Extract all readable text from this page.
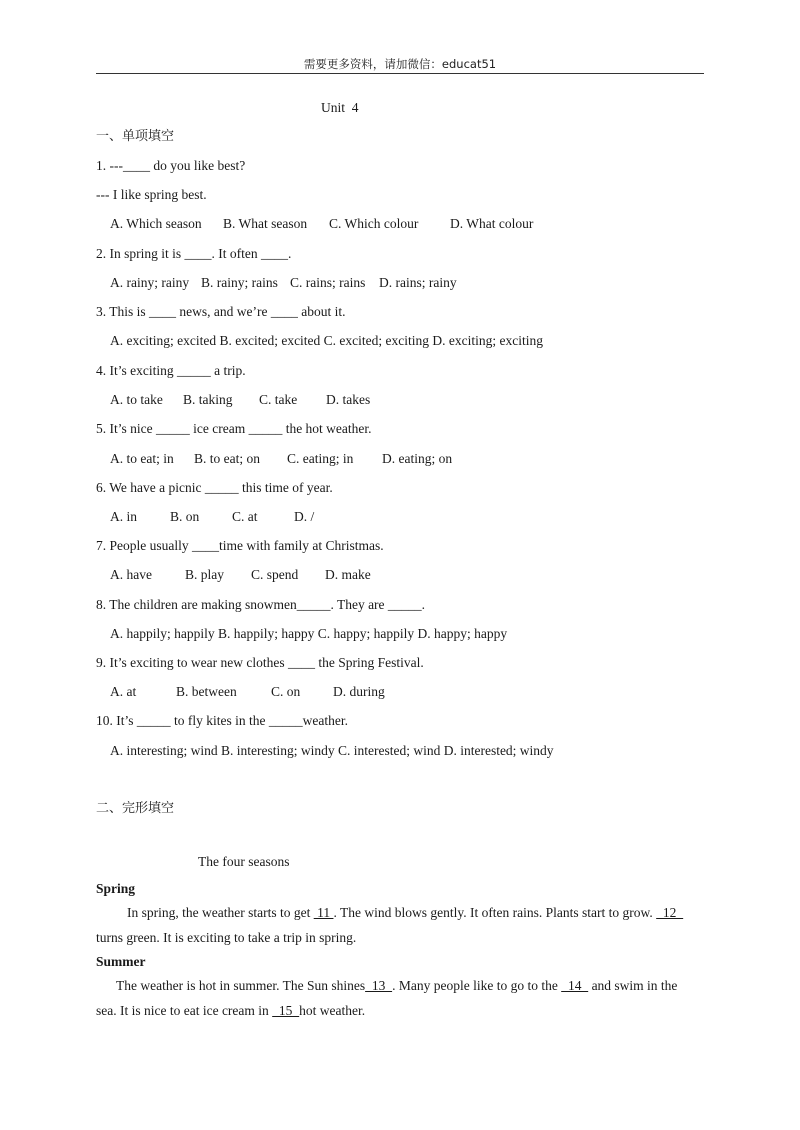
需要更多资料，请加微信：educat51
Unit  4
一、单项填空
1. ---____ do you like best?
--- I like spring best.
A. Which season B. What season C. Which colour D. What colour
2. In spring it is ____. It often ____.
A. rainy; rainy B. rainy; rains C. rains; rains D. rains; rainy
3. This is ____ news, and we’re ____ about it.
A. exciting; excited B. excited; excited C. excited; exciting D. exciting; exciting
4. It’s exciting _____ a trip.
A. to take B. taking C. take D. takes
5. It’s nice _____ ice cream _____ the hot weather.
A. to eat; in B. to eat; on C. eating; in D. eating; on
6. We have a picnic _____ this time of year.
A. in B. on C. at	D. /
7. People usually ____time with family at Christmas.
A. have B. play C. spend D. make
8. The children are making snowmen_____. They are _____.
A. happily; happily B. happily; happy C. happy; happily D. happy; happy
9. It’s exciting to wear new clothes ____ the Spring Festival.
A. at	B. between	C. on D. during
10. It’s _____ to fly kites in the _____weather.
A. interesting; wind B. interesting; windy C. interested; wind D. interested; windy
二、完形填空
The four seasons
Spring
In spring, the weather starts to get  11 . The wind blows gently. It often rains. Plants start to grow.   12
turns green. It is exciting to take a trip in spring.
Summer
The weather is hot in summer. The Sun shines  13  . Many people like to go to the   14   and swim in the
sea. It is nice to eat ice cream in   15  hot weather.
